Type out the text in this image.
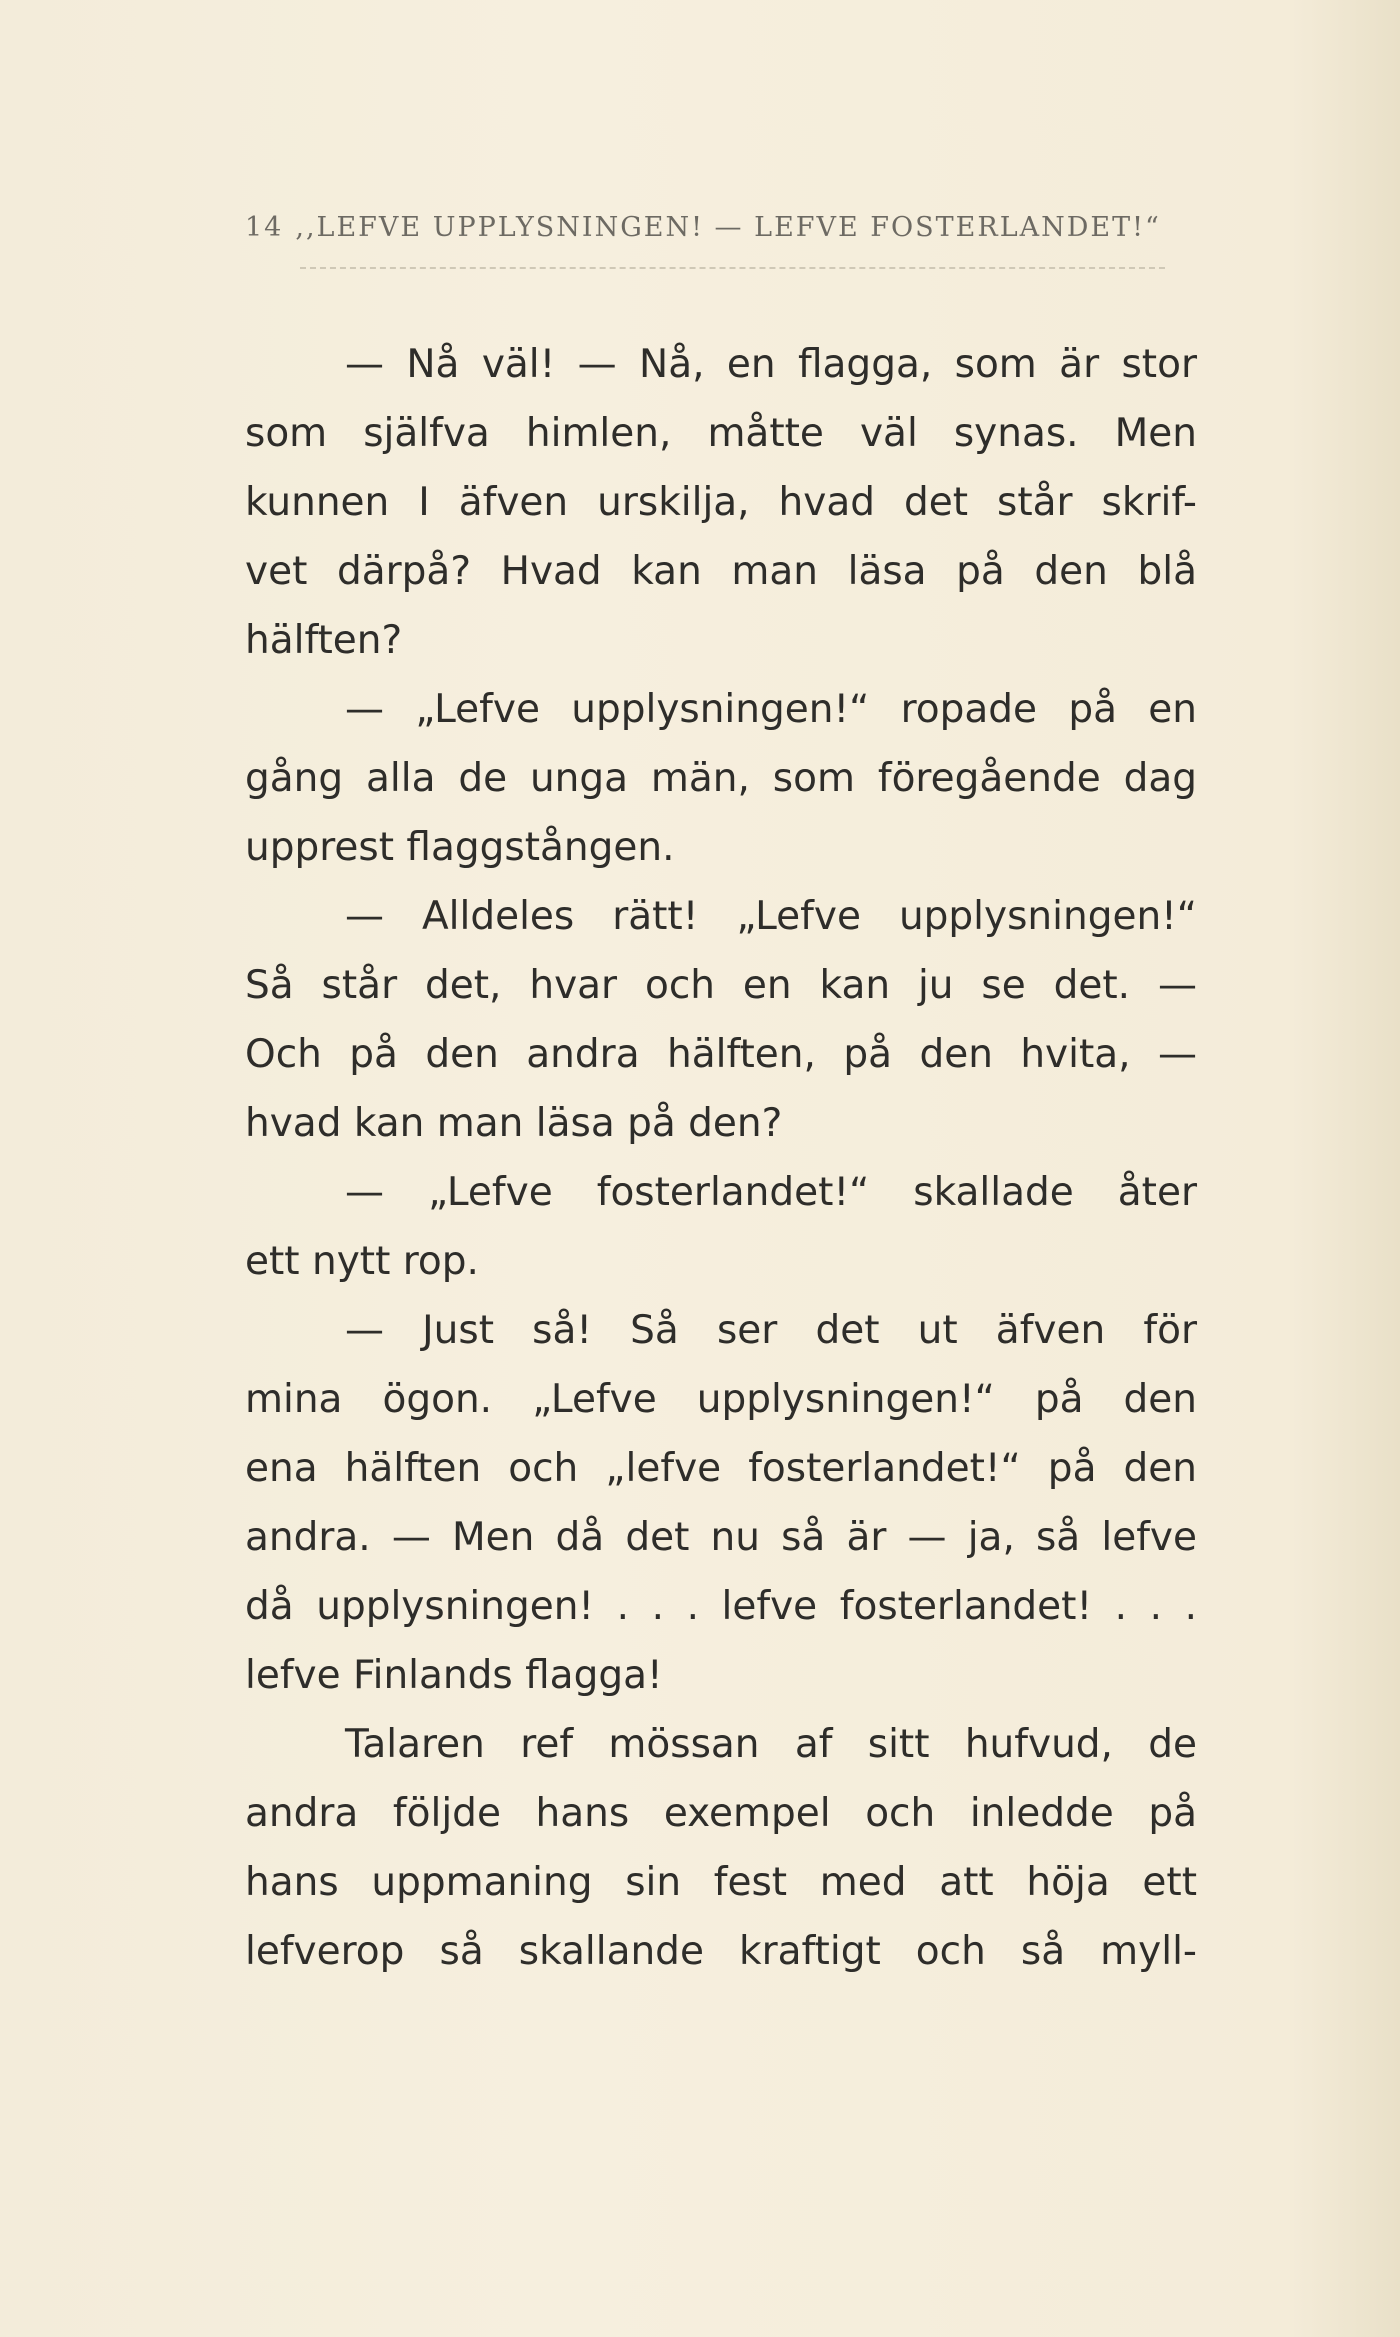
14 ,,LEFVE UPPLYSNINGEN! — LEFVE FOSTERLANDET!“
— Nå väl! — Nå, en flagga, som är stor
som själfva himlen, måtte väl synas. Men
kunnen I äfven urskilja, hvad det står skrif-
vet därpå? Hvad kan man läsa på den blå
hälften?
— „Lefve upplysningen!“ ropade på en
gång alla de unga män, som föregående dag
upprest flaggstången.
— Alldeles rätt! „Lefve upplysningen!“
Så står det, hvar och en kan ju se det. —
Och på den andra hälften, på den hvita, —
hvad kan man läsa på den?
— „Lefve fosterlandet!“ skallade åter
ett nytt rop.
— Just så! Så ser det ut äfven för
mina ögon. „Lefve upplysningen!“ på den
ena hälften och „lefve fosterlandet!“ på den
andra. — Men då det nu så är — ja, så lefve
då upplysningen! . . . lefve fosterlandet! . . .
lefve Finlands flagga!
Talaren ref mössan af sitt hufvud, de
andra följde hans exempel och inledde på
hans uppmaning sin fest med att höja ett
lefverop så skallande kraftigt och så myll-
